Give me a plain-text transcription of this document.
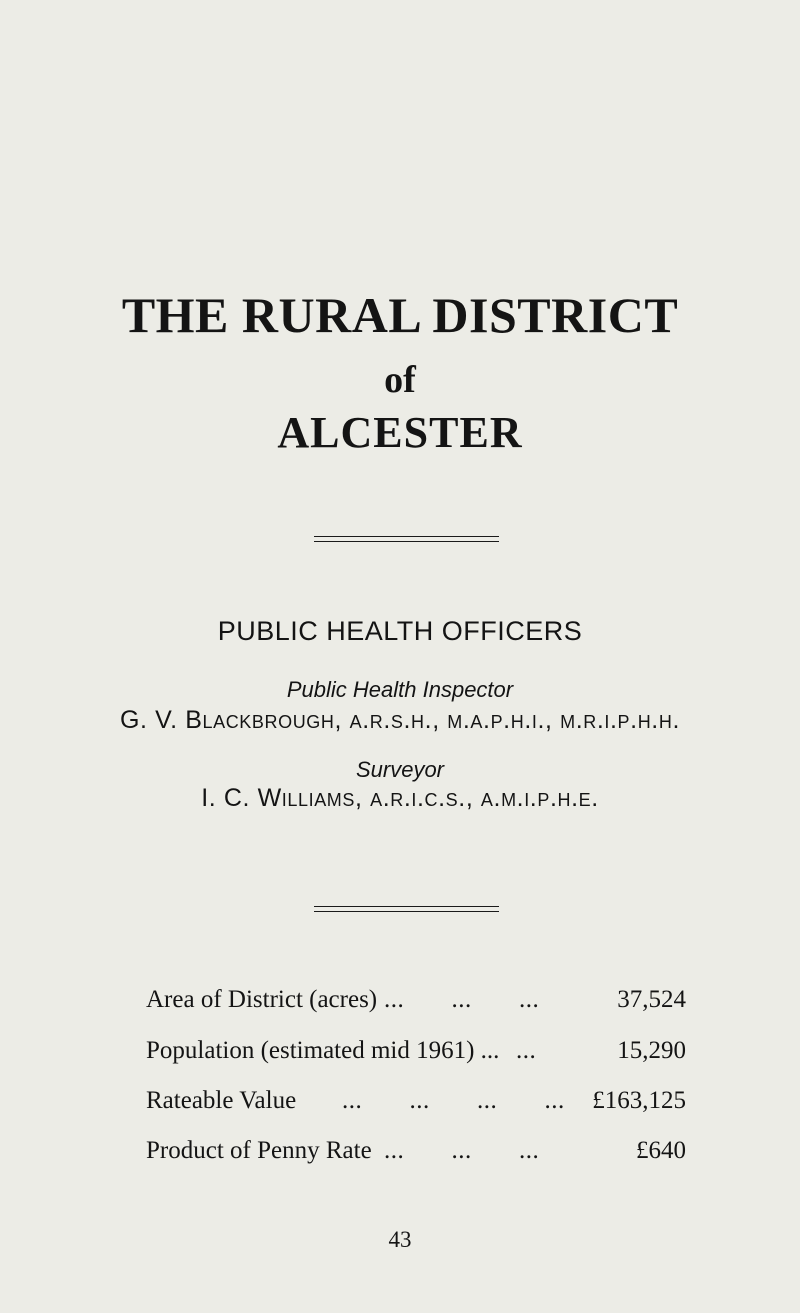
THE RURAL DISTRICT
of
ALCESTER
PUBLIC HEALTH OFFICERS
Public Health Inspector
G. V. Blackbrough, a.r.s.h., m.a.p.h.i., m.r.i.p.h.h.
Surveyor
I. C. Williams, a.r.i.c.s., a.m.i.p.h.e.
Area of District (acres) ...       ...       ...	37,524
Population (estimated mid 1961) ... ...	15,290
Rateable Value ...       ...       ...       ... £163,125
Product of Penny Rate ...       ...       ...	£640
43
